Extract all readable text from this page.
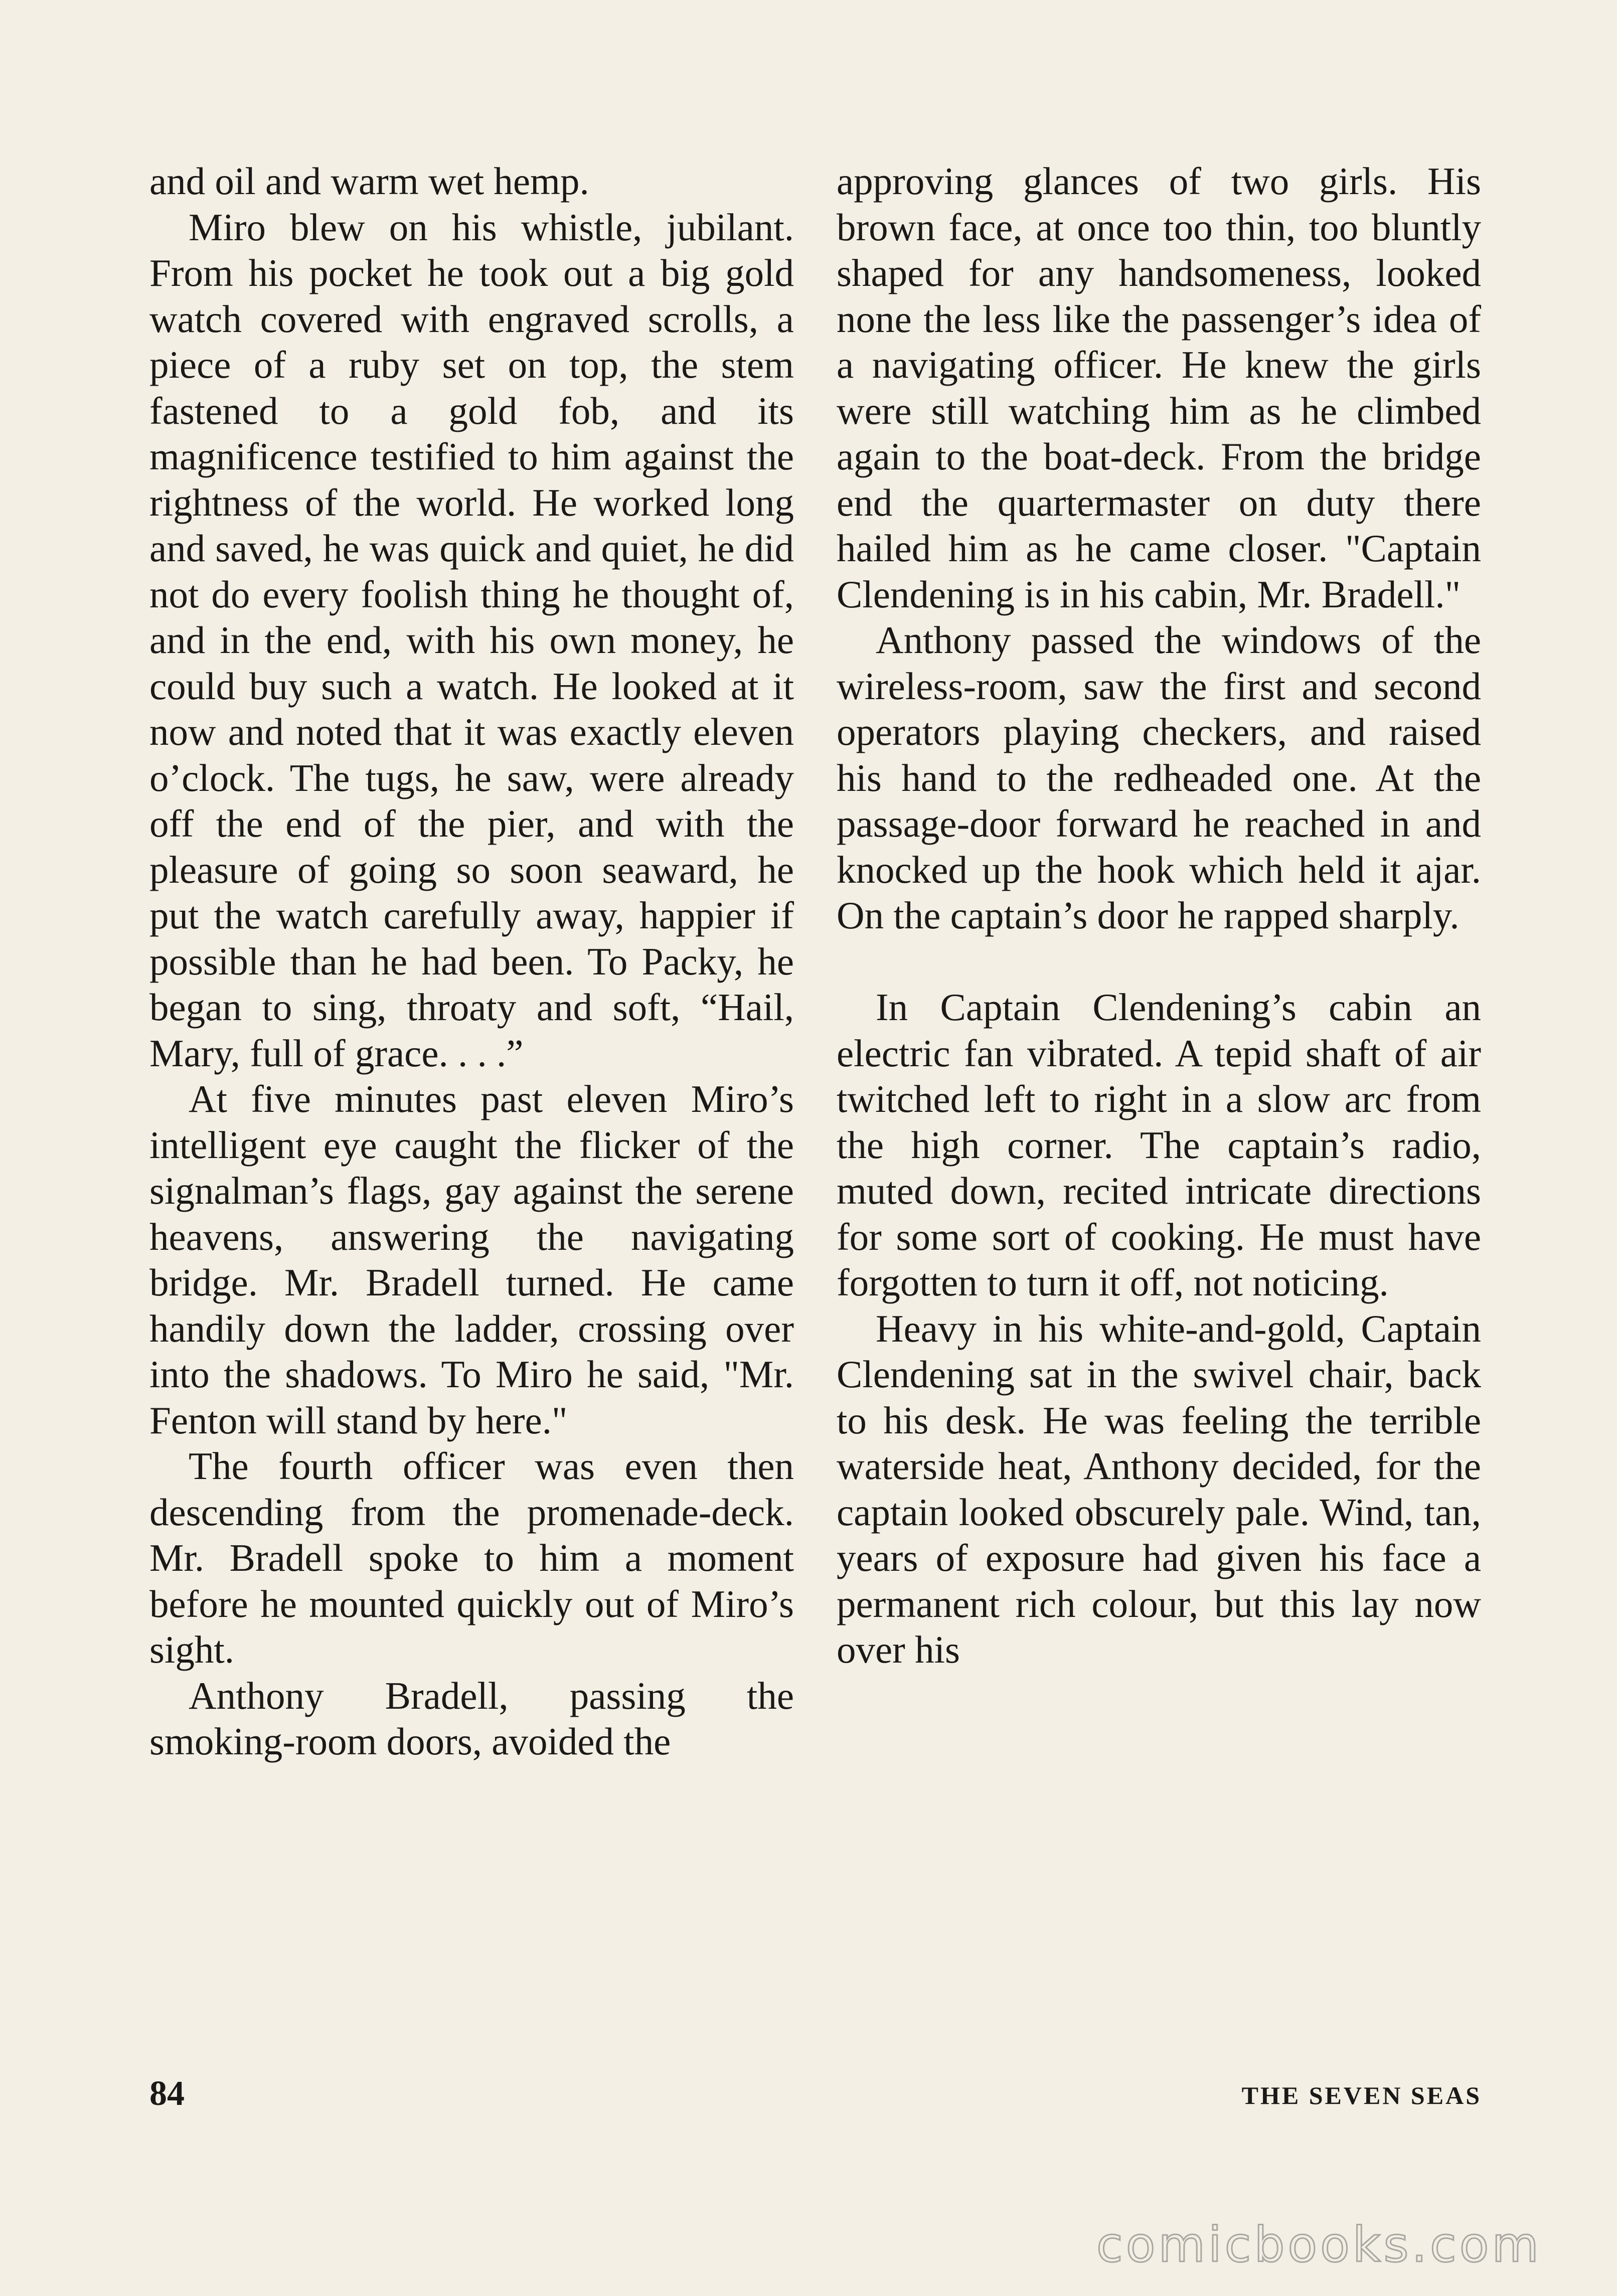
and oil and warm wet hemp.

Miro blew on his whistle, jubilant. From his pocket he took out a big gold watch covered with engraved scrolls, a piece of a ruby set on top, the stem fastened to a gold fob, and its magnificence testified to him against the rightness of the world. He worked long and saved, he was quick and quiet, he did not do every foolish thing he thought of, and in the end, with his own money, he could buy such a watch. He looked at it now and noted that it was exactly eleven o’clock. The tugs, he saw, were already off the end of the pier, and with the pleasure of going so soon seaward, he put the watch carefully away, happier if possible than he had been. To Packy, he began to sing, throaty and soft, “Hail, Mary, full of grace. . . .”

At five minutes past eleven Miro’s intelligent eye caught the flicker of the signalman’s flags, gay against the serene heavens, answering the navigating bridge. Mr. Bradell turned. He came handily down the ladder, crossing over into the shadows. To Miro he said, "Mr. Fenton will stand by here."

The fourth officer was even then descending from the promenade-deck. Mr. Bradell spoke to him a moment before he mounted quickly out of Miro’s sight.

Anthony Bradell, passing the smoking-room doors, avoided the

approving glances of two girls. His brown face, at once too thin, too bluntly shaped for any handsomeness, looked none the less like the passenger’s idea of a navigating officer. He knew the girls were still watching him as he climbed again to the boat-deck. From the bridge end the quartermaster on duty there hailed him as he came closer. "Captain Clendening is in his cabin, Mr. Bradell."

Anthony passed the windows of the wireless-room, saw the first and second operators playing checkers, and raised his hand to the redheaded one. At the passage-door forward he reached in and knocked up the hook which held it ajar. On the captain’s door he rapped sharply.

In Captain Clendening’s cabin an electric fan vibrated. A tepid shaft of air twitched left to right in a slow arc from the high corner. The captain’s radio, muted down, recited intricate directions for some sort of cooking. He must have forgotten to turn it off, not noticing.

Heavy in his white-and-gold, Captain Clendening sat in the swivel chair, back to his desk. He was feeling the terrible waterside heat, Anthony decided, for the captain looked obscurely pale. Wind, tan, years of exposure had given his face a permanent rich colour, but this lay now over his

84	THE SEVEN SEAS
comicbooks.com
